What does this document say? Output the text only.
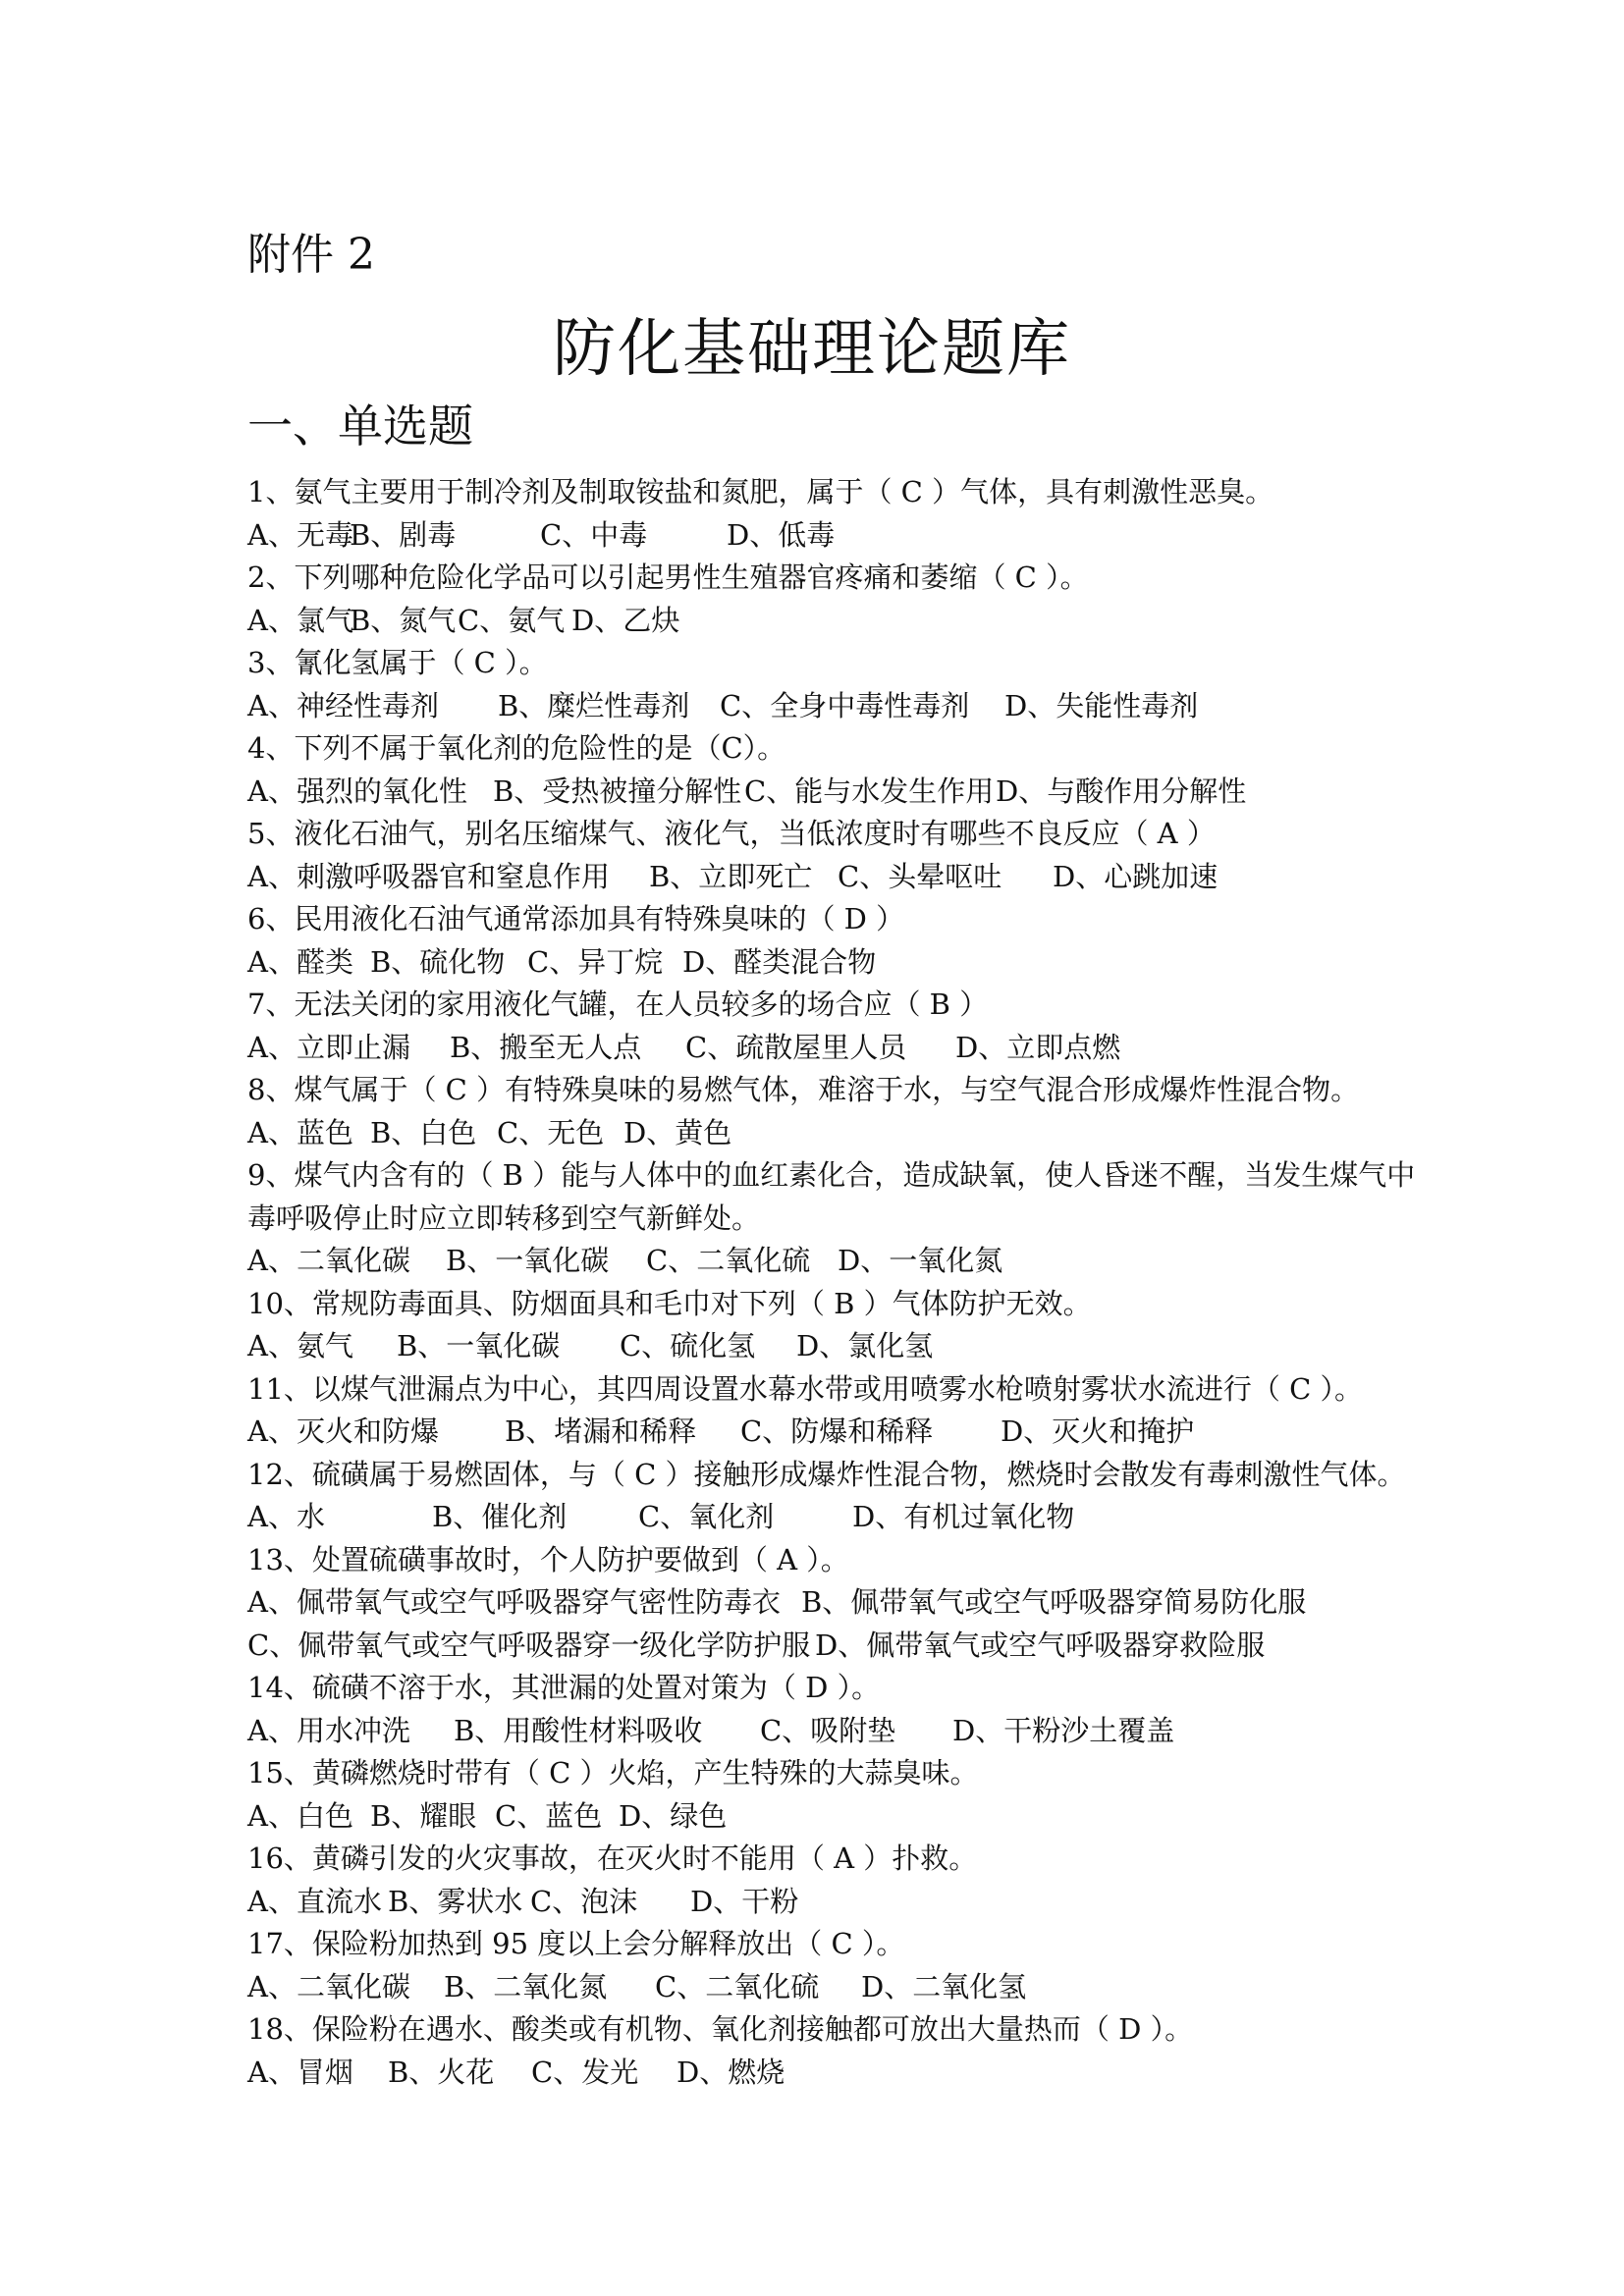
附件 2
防化基础理论题库
一、单选题

1、氨气主要用于制冷剂及制取铵盐和氮肥，属于（ C ）气体，具有刺激性恶臭。

A、无毒B、剧毒	C、中毒	D、低毒

2、下列哪种危险化学品可以引起男性生殖器官疼痛和萎缩（ C ）。

A、氯气B、氮气C、氨气 D、乙炔

3、氰化氢属于（ C ）。

A、神经性毒剂 B、糜烂性毒剂 C、全身中毒性毒剂 D、失能性毒剂

4、下列不属于氧化剂的危险性的是（C）。

A、强烈的氧化性 B、受热被撞分解性C、能与水发生作用D、与酸作用分解性

5、液化石油气，别名压缩煤气、液化气，当低浓度时有哪些不良反应（ A ）

A、刺激呼吸器官和窒息作用 B、立即死亡 C、头晕呕吐 D、心跳加速

6、民用液化石油气通常添加具有特殊臭味的（ D ）

A、醛类 B、硫化物 C、异丁烷 D、醛类混合物

7、无法关闭的家用液化气罐，在人员较多的场合应（ B ）

A、立即止漏 B、搬至无人点 C、疏散屋里人员 D、立即点燃

8、煤气属于（ C ）有特殊臭味的易燃气体，难溶于水，与空气混合形成爆炸性混合物。

A、蓝色 B、白色 C、无色 D、黄色

9、煤气内含有的（ B ）能与人体中的血红素化合，造成缺氧，使人昏迷不醒，当发生煤气中

毒呼吸停止时应立即转移到空气新鲜处。

A、二氧化碳 B、一氧化碳 C、二氧化硫 D、一氧化氮

10、常规防毒面具、防烟面具和毛巾对下列（ B ）气体防护无效。

A、氨气 B、一氧化碳 C、硫化氢 D、氯化氢

11、以煤气泄漏点为中心，其四周设置水幕水带或用喷雾水枪喷射雾状水流进行（ C ）。

A、灭火和防爆 B、堵漏和稀释 C、防爆和稀释 D、灭火和掩护

12、硫磺属于易燃固体，与（ C ）接触形成爆炸性混合物，燃烧时会散发有毒刺激性气体。

A、水	B、催化剂	C、氧化剂	D、有机过氧化物

13、处置硫磺事故时，个人防护要做到（ A ）。

A、佩带氧气或空气呼吸器穿气密性防毒衣 B、佩带氧气或空气呼吸器穿简易防化服

C、佩带氧气或空气呼吸器穿一级化学防护服 D、佩带氧气或空气呼吸器穿救险服

14、硫磺不溶于水，其泄漏的处置对策为（ D ）。

A、用水冲洗 B、用酸性材料吸收 C、吸附垫 D、干粉沙土覆盖

15、黄磷燃烧时带有（ C ）火焰，产生特殊的大蒜臭味。

A、白色 B、耀眼 C、蓝色 D、绿色

16、黄磷引发的火灾事故，在灭火时不能用（ A ）扑救。

A、直流水 B、雾状水 C、泡沫 D、干粉

17、保险粉加热到 95 度以上会分解释放出（ C ）。

A、二氧化碳 B、二氧化氮 C、二氧化硫 D、二氧化氢

18、保险粉在遇水、酸类或有机物、氧化剂接触都可放出大量热而（ D ）。

A、冒烟 B、火花 C、发光 D、燃烧
